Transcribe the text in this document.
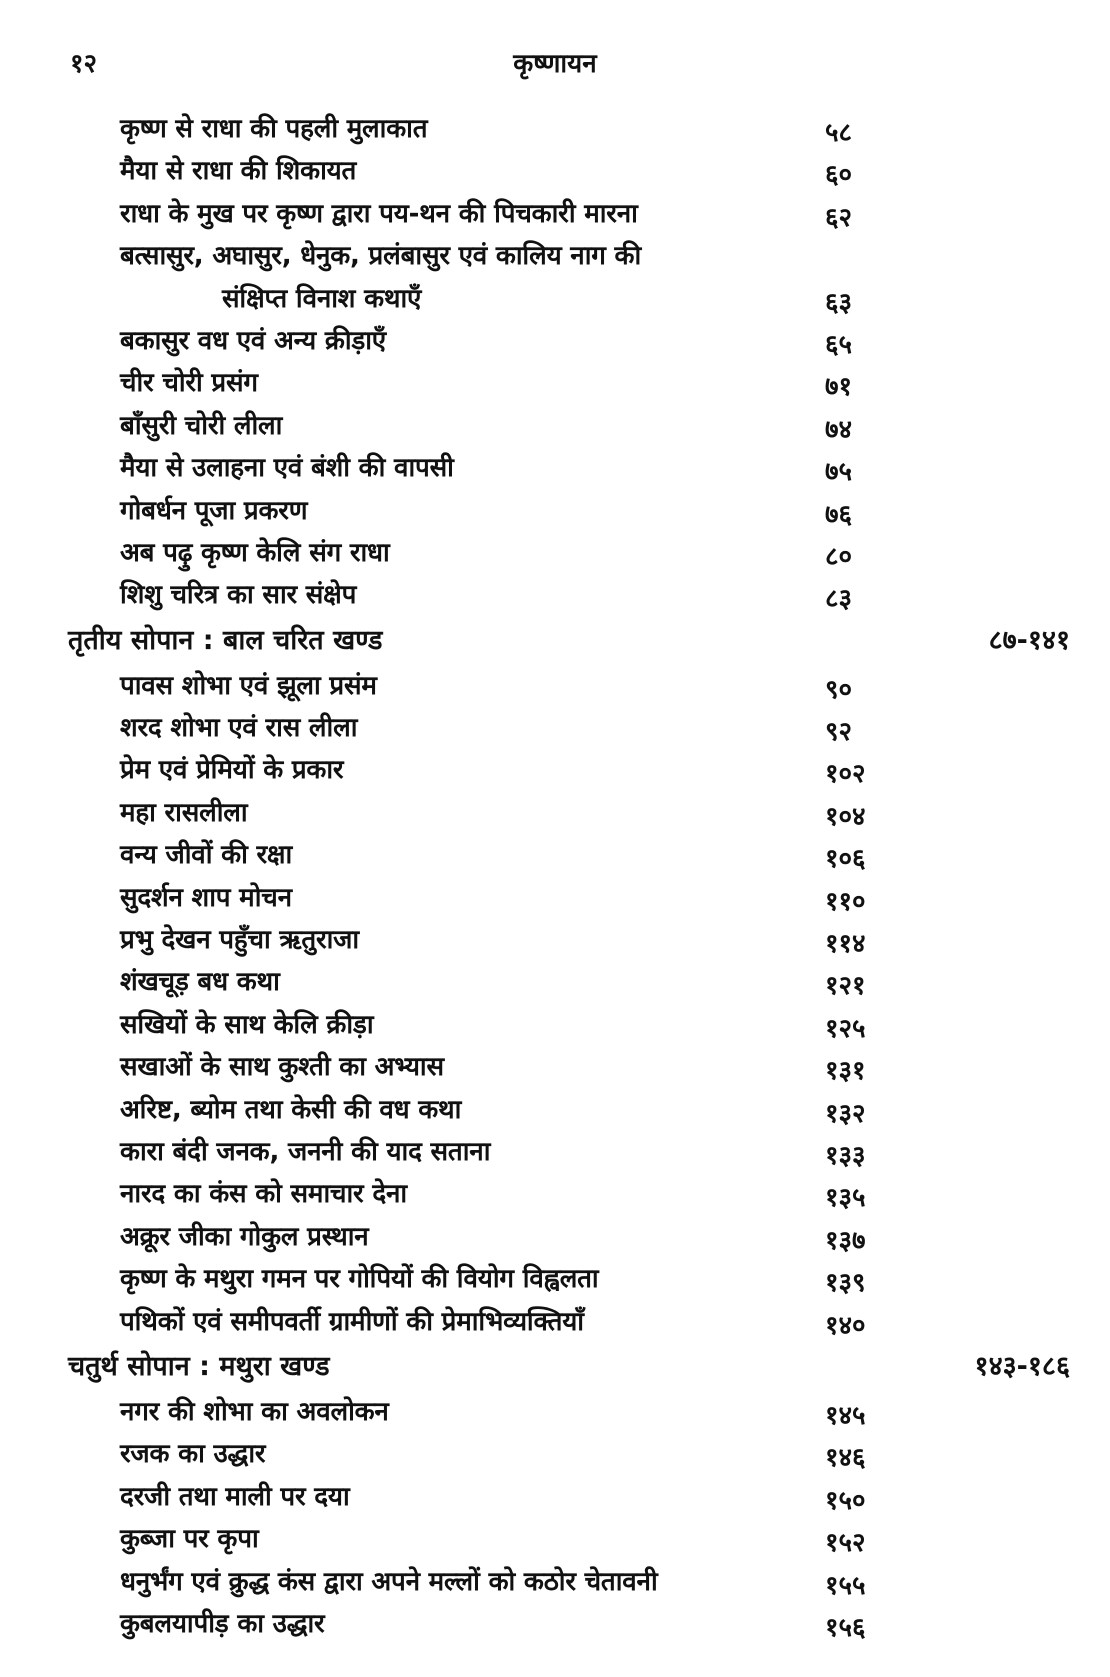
१२	कृष्णायन
कृष्ण से राधा की पहली मुलाकात	५८
मैया से राधा की शिकायत	६०
राधा के मुख पर कृष्ण द्वारा पय-थन की पिचकारी मारना	६२
बत्सासुर, अघासुर, धेनुक, प्रलंबासुर एवं कालिय नाग की
संक्षिप्त विनाश कथाएँ	६३
बकासुर वध एवं अन्य क्रीड़ाएँ	६५
चीर चोरी प्रसंग	७१
बाँसुरी चोरी लीला	७४
मैया से उलाहना एवं बंशी की वापसी	७५
गोबर्धन पूजा प्रकरण	७६
अब पढ़ु कृष्ण केलि संग राधा	८०
शिशु चरित्र का सार संक्षेप	८३
तृतीय सोपान : बाल चरित खण्ड	८७-१४१
पावस शोभा एवं झूला प्रसंम	९०
शरद शोभा एवं रास लीला	९२
प्रेम एवं प्रेमियों के प्रकार	१०२
महा रासलीला	१०४
वन्य जीवों की रक्षा	१०६
सुदर्शन शाप मोचन	११०
प्रभु देखन पहुँचा ऋतुराजा	११४
शंखचूड़ बध कथा	१२१
सखियों के साथ केलि क्रीड़ा	१२५
सखाओं के साथ कुश्ती का अभ्यास	१३१
अरिष्ट, ब्योम तथा केसी की वध कथा	१३२
कारा बंदी जनक, जननी की याद सताना	१३३
नारद का कंस को समाचार देना	१३५
अक्रूर जीका गोकुल प्रस्थान	१३७
कृष्ण के मथुरा गमन पर गोपियों की वियोग विह्वलता	१३९
पथिकों एवं समीपवर्ती ग्रामीणों की प्रेमाभिव्यक्तियाँ	१४०
चतुर्थ सोपान : मथुरा खण्ड	१४३-१८६
नगर की शोभा का अवलोकन	१४५
रजक का उद्धार	१४६
दरजी तथा माली पर दया	१५०
कुब्जा पर कृपा	१५२
धनुर्भंग एवं क्रुद्ध कंस द्वारा अपने मल्लों को कठोर चेतावनी	१५५
कुबलयापीड़ का उद्धार	१५६
